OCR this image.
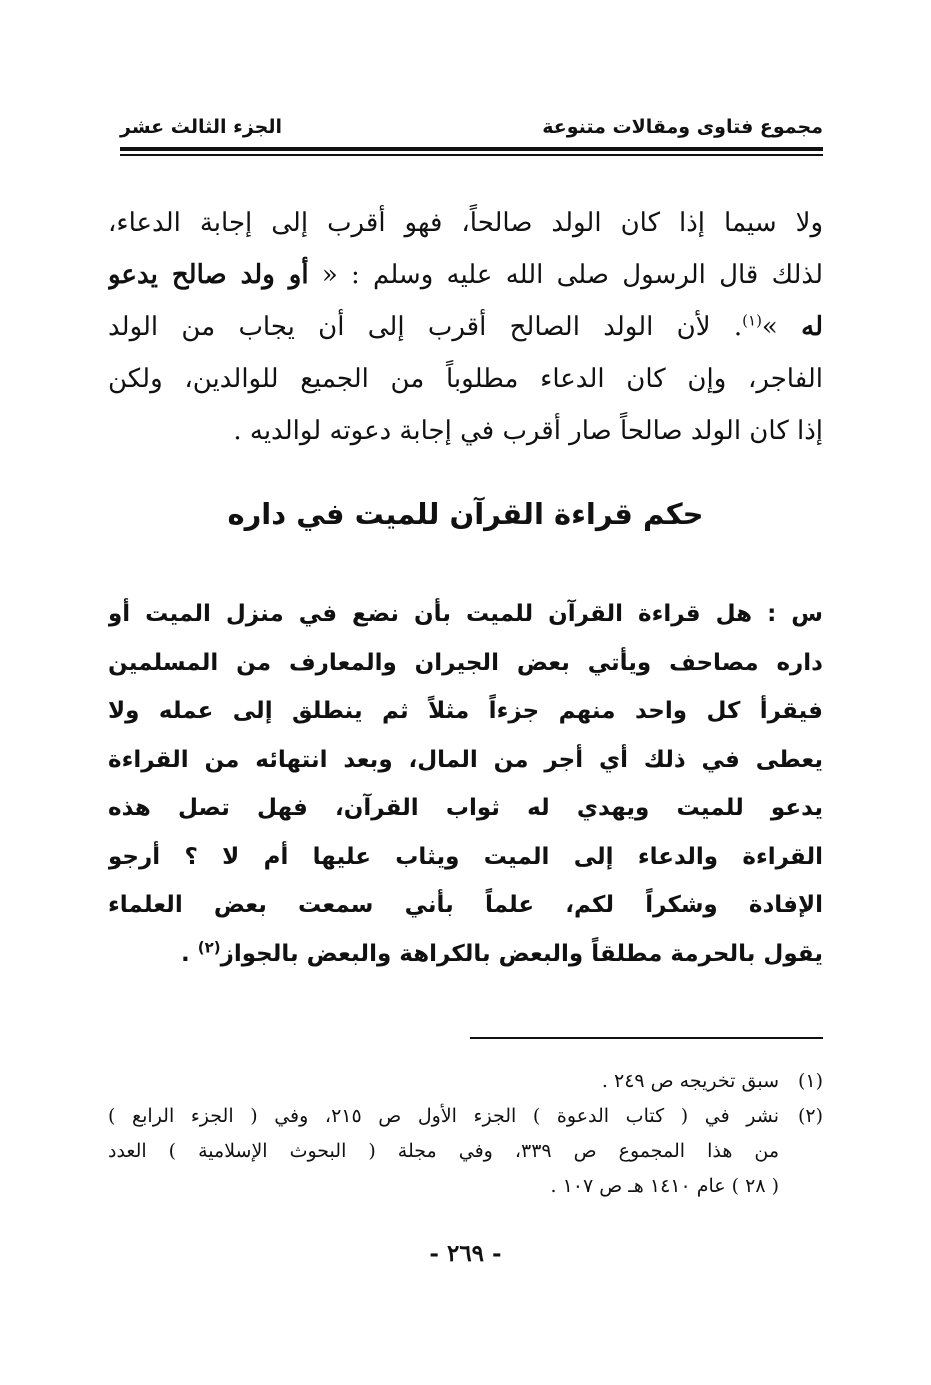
مجموع فتاوى ومقالات متنوعة
الجزء الثالث عشر
ولا سيما إذا كان الولد صالحاً، فهو أقرب إلى إجابة الدعاء،
لذلك قال الرسول صلى الله عليه وسلم : « أو ولد صالح يدعو
له »$^{(١)}$. لأن الولد الصالح أقرب إلى أن يجاب من الولد
الفاجر، وإن كان الدعاء مطلوباً من الجميع للوالدين، ولكن
إذا كان الولد صالحاً صار أقرب في إجابة دعوته لوالديه .
حكم قراءة القرآن للميت في داره
س : هل قراءة القرآن للميت بأن نضع في منزل الميت أو
داره مصاحف ويأتي بعض الجيران والمعارف من المسلمين
فيقرأ كل واحد منهم جزءاً مثلاً ثم ينطلق إلى عمله ولا
يعطى في ذلك أي أجر من المال، وبعد انتهائه من القراءة
يدعو للميت ويهدي له ثواب القرآن، فهل تصل هذه
القراءة والدعاء إلى الميت ويثاب عليها أم لا ؟ أرجو
الإفادة وشكراً لكم، علماً بأني سمعت بعض العلماء
يقول بالحرمة مطلقاً والبعض بالكراهة والبعض بالجواز$^{(٢)}$ .
(١)
سبق تخريجه ص ٢٤٩ .
(٢)
نشر في ( كتاب الدعوة ) الجزء الأول ص ٢١٥، وفي ( الجزء الرابع )
من هذا المجموع ص ٣٣٩، وفي مجلة ( البحوث الإسلامية ) العدد
( ٢٨ ) عام ١٤١٠ هـ ص ١٠٧ .
- ٢٦٩ -
